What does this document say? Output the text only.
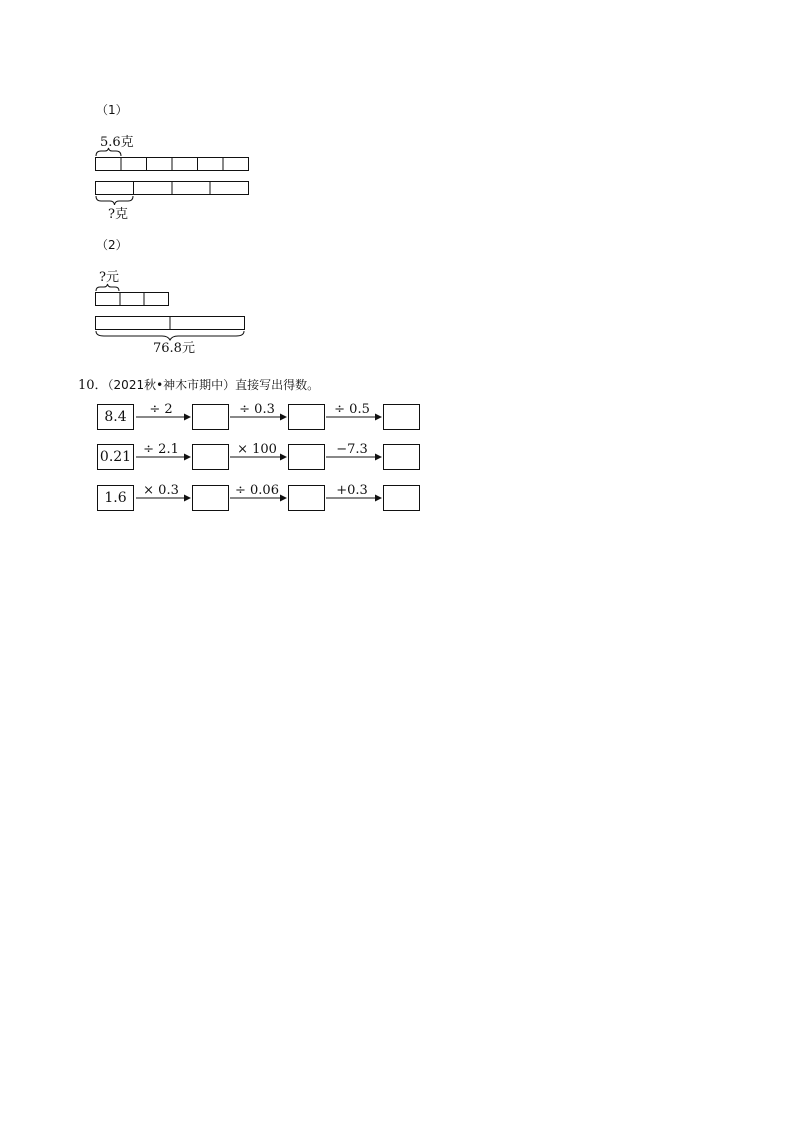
（1）
5.6克
?克
（2）
?元
76.8元
10．（2021秋•神木市期中）直接写出得数。
8.4	÷ 2	÷ 0.3	÷ 0.5
0.21 ÷ 2.1	× 100	−7.3
1.6	× 0.3	÷ 0.06	+0.3
